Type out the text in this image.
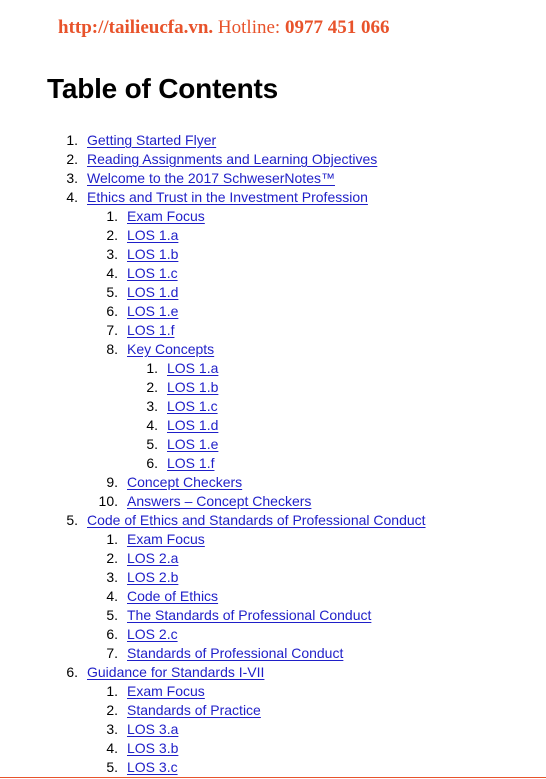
http://tailieucfa.vn. Hotline: 0977 451 066
Table of Contents
1. Getting Started Flyer
2. Reading Assignments and Learning Objectives
3. Welcome to the 2017 SchweserNotes™
4. Ethics and Trust in the Investment Profession
1. Exam Focus
2. LOS 1.a
3. LOS 1.b
4. LOS 1.c
5. LOS 1.d
6. LOS 1.e
7. LOS 1.f
8. Key Concepts
1. LOS 1.a
2. LOS 1.b
3. LOS 1.c
4. LOS 1.d
5. LOS 1.e
6. LOS 1.f
9. Concept Checkers
10. Answers – Concept Checkers
5. Code of Ethics and Standards of Professional Conduct
1. Exam Focus
2. LOS 2.a
3. LOS 2.b
4. Code of Ethics
5. The Standards of Professional Conduct
6. LOS 2.c
7. Standards of Professional Conduct
6. Guidance for Standards I-VII
1. Exam Focus
2. Standards of Practice
3. LOS 3.a
4. LOS 3.b
5. LOS 3.c
